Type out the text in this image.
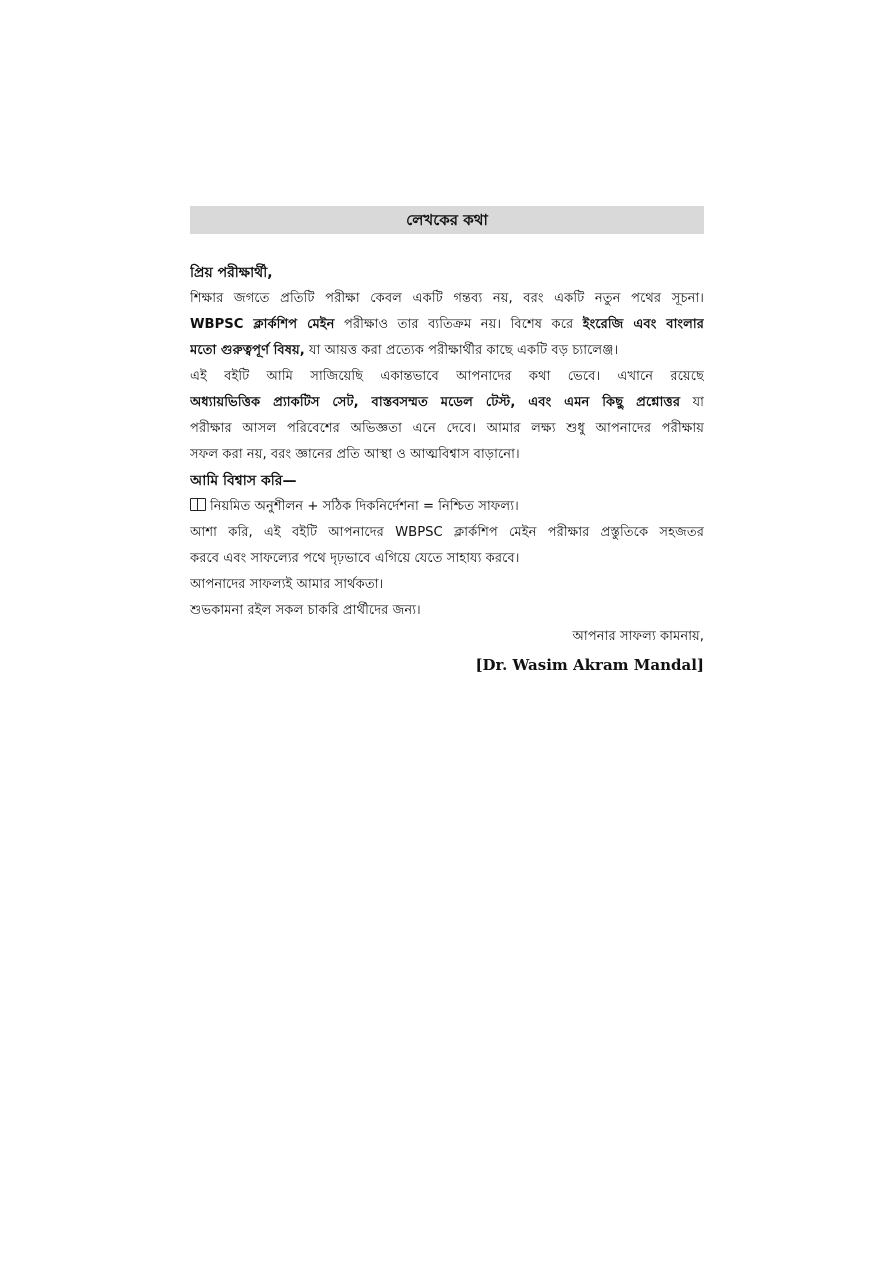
লেখকের কথা
প্রিয় পরীক্ষার্থী,
শিক্ষার জগতে প্রতিটি পরীক্ষা কেবল একটি গন্তব্য নয়, বরং একটি নতুন পথের সূচনা।
WBPSC ক্লার্কশিপ মেইন পরীক্ষাও তার ব্যতিক্রম নয়। বিশেষ করে ইংরেজি এবং বাংলার
মতো গুরুত্বপূর্ণ বিষয়, যা আয়ত্ত করা প্রত্যেক পরীক্ষার্থীর কাছে একটি বড় চ্যালেঞ্জ।
এই বইটি আমি সাজিয়েছি একান্তভাবে আপনাদের কথা ভেবে। এখানে রয়েছে
অধ্যায়ভিত্তিক প্র্যাকটিস সেট, বাস্তবসম্মত মডেল টেস্ট, এবং এমন কিছু প্রশ্নোত্তর যা
পরীক্ষার আসল পরিবেশের অভিজ্ঞতা এনে দেবে। আমার লক্ষ্য শুধু আপনাদের পরীক্ষায়
সফল করা নয়, বরং জ্ঞানের প্রতি আস্থা ও আত্মবিশ্বাস বাড়ানো।
আমি বিশ্বাস করি—
নিয়মিত অনুশীলন + সঠিক দিকনির্দেশনা = নিশ্চিত সাফল্য।
আশা করি, এই বইটি আপনাদের WBPSC ক্লার্কশিপ মেইন পরীক্ষার প্রস্তুতিকে সহজতর
করবে এবং সাফল্যের পথে দৃঢ়ভাবে এগিয়ে যেতে সাহায্য করবে।
আপনাদের সাফল্যই আমার সার্থকতা।
শুভকামনা রইল সকল চাকরি প্রার্থীদের জন্য।
আপনার সাফল্য কামনায়,
[Dr. Wasim Akram Mandal]
